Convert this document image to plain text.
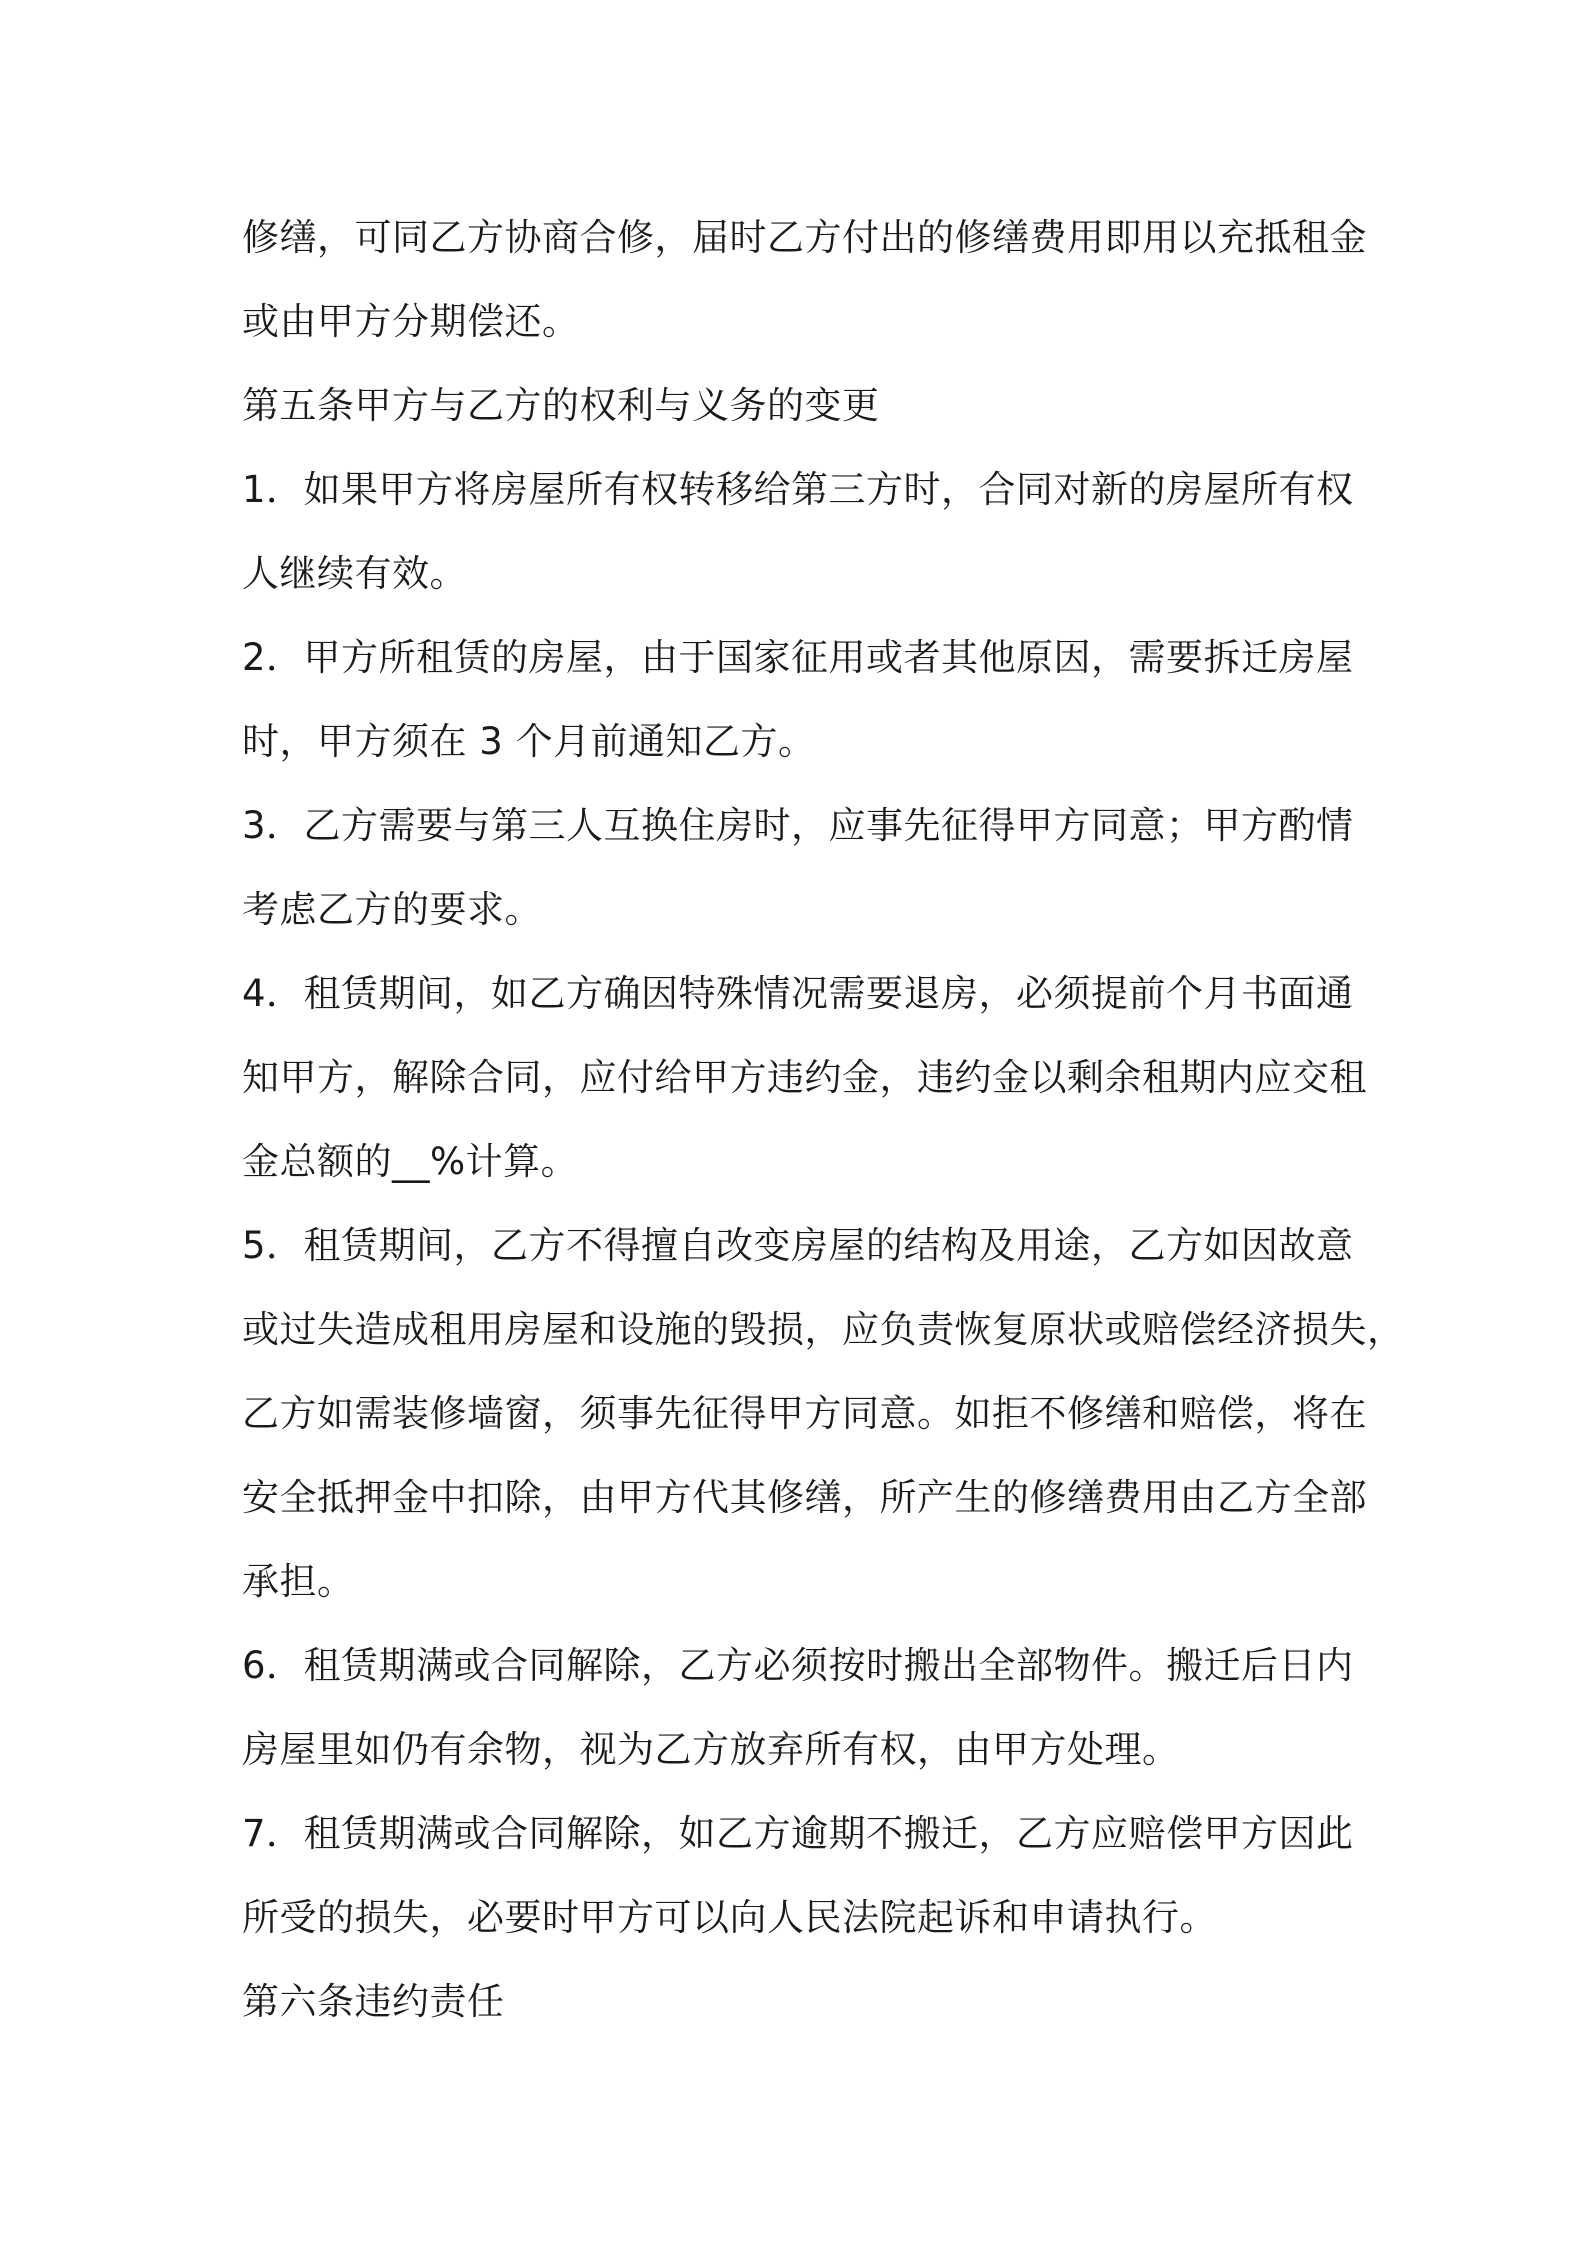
修缮，可同乙方协商合修，届时乙方付出的修缮费用即用以充抵租金
或由甲方分期偿还。
第五条甲方与乙方的权利与义务的变更
1．如果甲方将房屋所有权转移给第三方时，合同对新的房屋所有权
人继续有效。
2．甲方所租赁的房屋，由于国家征用或者其他原因，需要拆迁房屋
时，甲方须在 3 个月前通知乙方。
3．乙方需要与第三人互换住房时，应事先征得甲方同意；甲方酌情
考虑乙方的要求。
4．租赁期间，如乙方确因特殊情况需要退房，必须提前个月书面通
知甲方，解除合同，应付给甲方违约金，违约金以剩余租期内应交租
金总额的__%计算。
5．租赁期间，乙方不得擅自改变房屋的结构及用途，乙方如因故意
或过失造成租用房屋和设施的毁损，应负责恢复原状或赔偿经济损失，
乙方如需装修墙窗，须事先征得甲方同意。如拒不修缮和赔偿，将在
安全抵押金中扣除，由甲方代其修缮，所产生的修缮费用由乙方全部
承担。
6．租赁期满或合同解除，乙方必须按时搬出全部物件。搬迁后日内
房屋里如仍有余物，视为乙方放弃所有权，由甲方处理。
7．租赁期满或合同解除，如乙方逾期不搬迁，乙方应赔偿甲方因此
所受的损失，必要时甲方可以向人民法院起诉和申请执行。
第六条违约责任
